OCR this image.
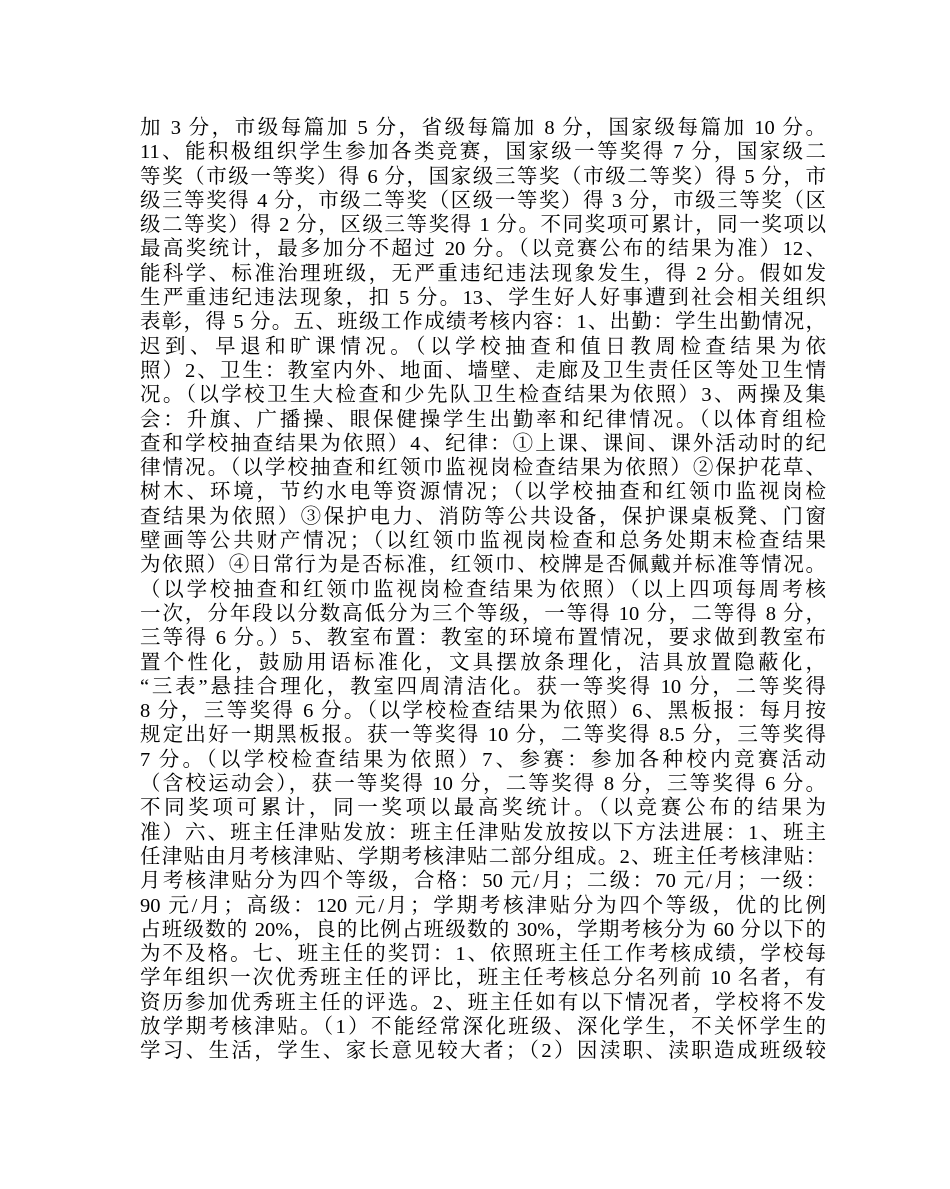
加 3 分，市级每篇加 5 分，省级每篇加 8 分，国家级每篇加 10 分。
11、能积极组织学生参加各类竞赛，国家级一等奖得 7 分，国家级二
等奖（市级一等奖）得 6 分，国家级三等奖（市级二等奖）得 5 分，市
级三等奖得 4 分，市级二等奖（区级一等奖）得 3 分，市级三等奖（区
级二等奖）得 2 分，区级三等奖得 1 分。不同奖项可累计，同一奖项以
最高奖统计，最多加分不超过 20 分。（以竞赛公布的结果为准）12、
能科学、标准治理班级，无严重违纪违法现象发生，得 2 分。假如发
生严重违纪违法现象，扣 5 分。13、学生好人好事遭到社会相关组织
表彰，得 5 分。五、班级工作成绩考核内容：1、出勤：学生出勤情况，
迟到、早退和旷课情况。（以学校抽查和值日教周检查结果为依
照）2、卫生：教室内外、地面、墙壁、走廊及卫生责任区等处卫生情
况。（以学校卫生大检查和少先队卫生检查结果为依照）3、两操及集
会：升旗、广播操、眼保健操学生出勤率和纪律情况。（以体育组检
查和学校抽查结果为依照）4、纪律：①上课、课间、课外活动时的纪
律情况。（以学校抽查和红领巾监视岗检查结果为依照）②保护花草、
树木、环境，节约水电等资源情况；（以学校抽查和红领巾监视岗检
查结果为依照）③保护电力、消防等公共设备，保护课桌板凳、门窗
壁画等公共财产情况；（以红领巾监视岗检查和总务处期末检查结果
为依照）④日常行为是否标准，红领巾、校牌是否佩戴并标准等情况。
（以学校抽查和红领巾监视岗检查结果为依照）（以上四项每周考核
一次，分年段以分数高低分为三个等级，一等得 10 分，二等得 8 分，
三等得 6 分。）5、教室布置：教室的环境布置情况，要求做到教室布
置个性化，鼓励用语标准化，文具摆放条理化，洁具放置隐蔽化，
“三表”悬挂合理化，教室四周清洁化。获一等奖得 10 分，二等奖得
8 分，三等奖得 6 分。（以学校检查结果为依照）6、黑板报：每月按
规定出好一期黑板报。获一等奖得 10 分，二等奖得 8.5 分，三等奖得
7 分。（以学校检查结果为依照）7、参赛：参加各种校内竞赛活动
（含校运动会），获一等奖得 10 分，二等奖得 8 分，三等奖得 6 分。
不同奖项可累计，同一奖项以最高奖统计。（以竞赛公布的结果为
准）六、班主任津贴发放：班主任津贴发放按以下方法进展：1、班主
任津贴由月考核津贴、学期考核津贴二部分组成。2、班主任考核津贴：
月考核津贴分为四个等级，合格：50 元/月；二级：70 元/月；一级：
90 元/月；高级：120 元/月；学期考核津贴分为四个等级，优的比例
占班级数的 20%，良的比例占班级数的 30%，学期考核分为 60 分以下的
为不及格。七、班主任的奖罚：1、依照班主任工作考核成绩，学校每
学年组织一次优秀班主任的评比，班主任考核总分名列前 10 名者，有
资历参加优秀班主任的评选。2、班主任如有以下情况者，学校将不发
放学期考核津贴。（1）不能经常深化班级、深化学生，不关怀学生的
学习、生活，学生、家长意见较大者；（2）因渎职、渎职造成班级较
